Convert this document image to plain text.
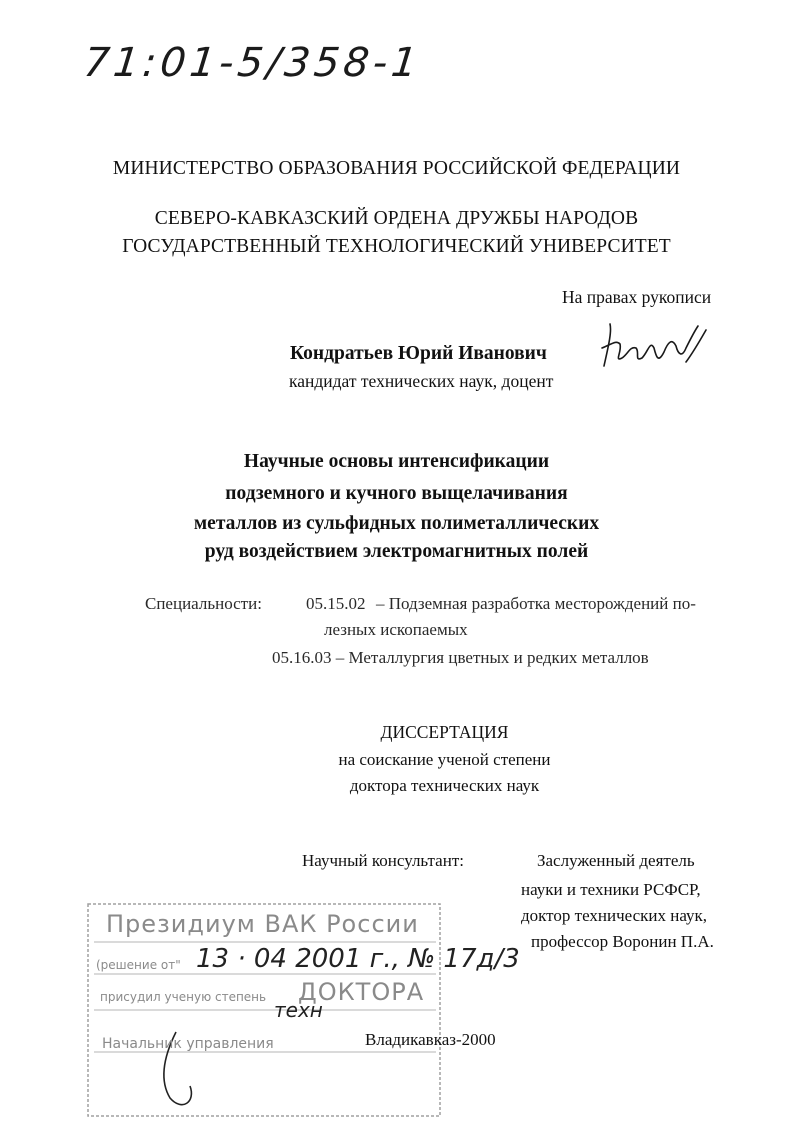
71:01-5/358-1
МИНИСТЕРСТВО ОБРАЗОВАНИЯ РОССИЙСКОЙ ФЕДЕРАЦИИ
СЕВЕРО-КАВКАЗСКИЙ ОРДЕНА ДРУЖБЫ НАРОДОВ
ГОСУДАРСТВЕННЫЙ ТЕХНОЛОГИЧЕСКИЙ УНИВЕРСИТЕТ
На правах рукописи
Кондратьев Юрий Иванович
кандидат технических наук, доцент
Научные основы интенсификации
подземного и кучного выщелачивания
металлов из сульфидных полиметаллических
руд воздействием электромагнитных полей
Специальности:	05.15.02 – Подземная разработка месторождений по-
лезных ископаемых
05.16.03 – Металлургия цветных и редких металлов
ДИССЕРТАЦИЯ
на соискание ученой степени
доктора технических наук
Научный консультант:	Заслуженный деятель
науки и техники РСФСР,
доктор технических наук,
профессор Воронин П.А.
Президиум ВАК России
(решение от" 13 · 04 2001 г., № 17д/3
присудил ученую степень ДОКТОРА
техн
Начальник управления	Владикавказ-2000
